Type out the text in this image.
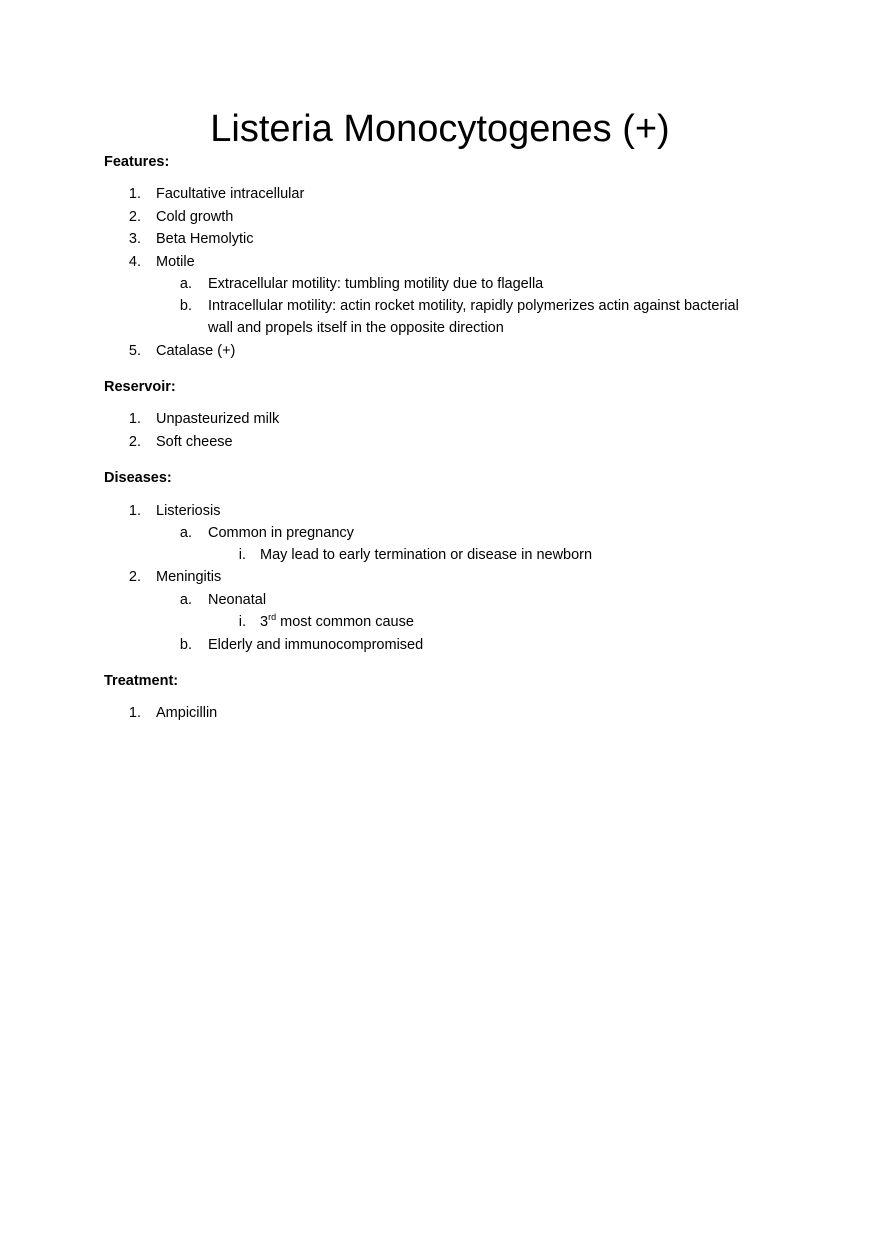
Listeria Monocytogenes (+)
Features:
1. Facultative intracellular
2. Cold growth
3. Beta Hemolytic
4. Motile
a. Extracellular motility: tumbling motility due to flagella
b. Intracellular motility: actin rocket motility, rapidly polymerizes actin against bacterial
wall and propels itself in the opposite direction
5. Catalase (+)
Reservoir:
1. Unpasteurized milk
2. Soft cheese
Diseases:
1. Listeriosis
a. Common in pregnancy
i. May lead to early termination or disease in newborn
2. Meningitis
a. Neonatal
i. 3rd most common cause
b. Elderly and immunocompromised
Treatment:
1. Ampicillin
